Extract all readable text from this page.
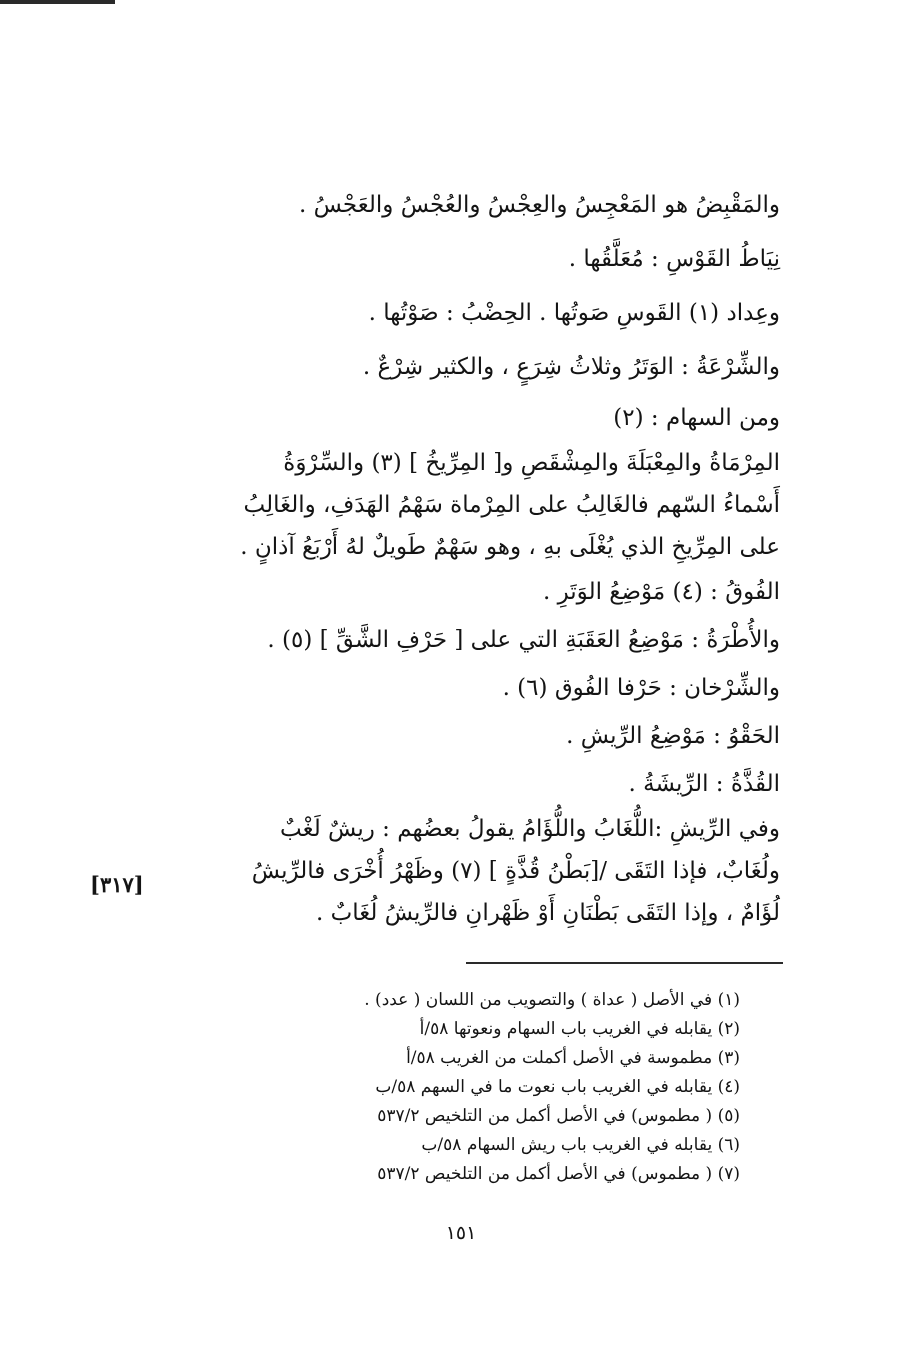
والمَقْبِضُ هو المَعْجِسُ والعِجْسُ والعُجْسُ والعَجْسُ .
نِيَاطُ القَوْسِ : مُعَلَّقُها .
وعِداد (١) القَوسِ صَوتُها . الحِضْبُ : صَوْتُها .
والشِّرْعَةُ : الوَتَرُ وثلاثُ شِرَعٍ ، والكثير شِرْعٌ .
ومن السهام : (٢)
المِرْمَاةُ والمِعْبَلَةَ والمِشْقَصِ و[ المِرِّيخُ ] (٣) والسِّرْوَةُ
أَسْماءُ السّهم فالغَالِبُ على المِرْماة سَهْمُ الهَدَفِ، والغَالِبُ
على المِرِّيخِ الذي يُغْلَى بهِ ، وهو سَهْمٌ طَويلٌ لهُ أَرْبَعُ آذانٍ .
الفُوقُ : (٤) مَوْضِعُ الوَتَرِ .
والأُطْرَةُ : مَوْضِعُ العَقَبَةِ التي على [ حَرْفِ الشَّقِّ ] (٥) .
والشِّرْخان : حَرْفا الفُوق (٦) .
الحَقْوُ : مَوْضِعُ الرِّيشِ .
القُذَّةُ : الرِّيشَةُ .
وفي الرِّيشِ :اللُّغَابُ واللُّؤَامُ يقولُ بعضُهم : ريشٌ لَغْبٌ
ولُغَابٌ، فإذا التَقَى /[بَطْنُ قُذَّةٍ ] (٧) وظَهْرُ أُخْرَى فالرِّيشُ
لُؤَامٌ ، وإذا التَقَى بَطْنَانِ أَوْ ظَهْرانِ فالرِّيشُ لُغَابٌ .
[٣١٧]
(١) في الأصل ( عداة ) والتصويب من اللسان ( عدد) .
(٢) يقابله في الغريب باب السهام ونعوتها ٥٨/أ
(٣) مطموسة في الأصل أكملت من الغريب ٥٨/أ
(٤) يقابله في الغريب باب نعوت ما في السهم ٥٨/ب
(٥) ( مطموس) في الأصل أكمل من التلخيص ٥٣٧/٢
(٦) يقابله في الغريب باب ريش السهام ٥٨/ب
(٧) ( مطموس) في الأصل أكمل من التلخيص ٥٣٧/٢
١٥١
